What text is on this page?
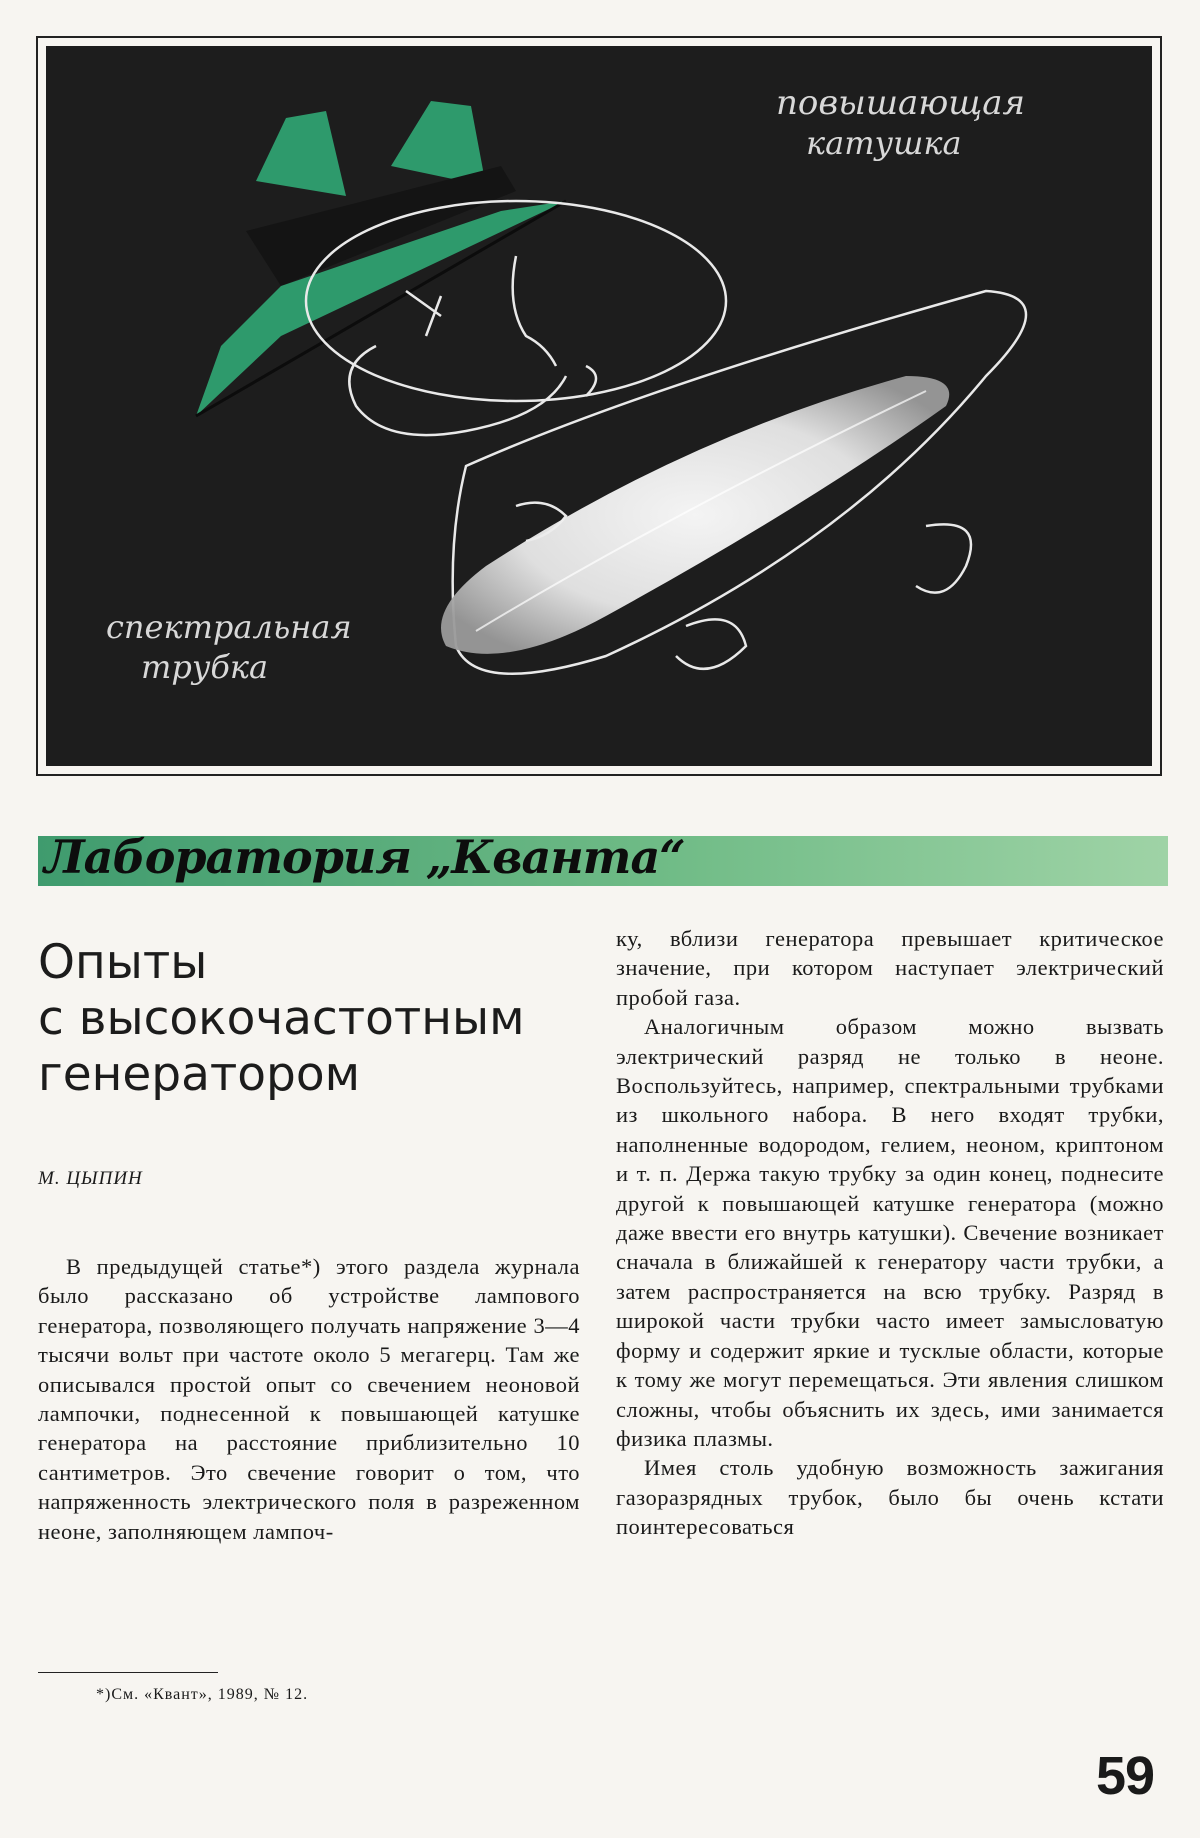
повышающая
катушка
спектральная
трубка
Лаборатория „Кванта“
Опыты
с высокочастотным
генератором
М. ЦЫПИН

В предыдущей статье*) этого раздела журнала было рассказано об устройстве лампового генератора, позволяющего получать напряжение 3—4 тысячи вольт при частоте около 5 мегагерц. Там же описывался простой опыт со свечением неоновой лампочки, поднесенной к повышающей катушке генератора на расстояние приблизительно 10 сантиметров. Это свечение говорит о том, что напряженность электрического поля в разреженном неоне, заполняющем лампоч-

ку, вблизи генератора превышает критическое значение, при котором наступает электрический пробой газа.

Аналогичным образом можно вызвать электрический разряд не только в неоне. Воспользуйтесь, например, спектральными трубками из школьного набора. В него входят трубки, наполненные водородом, гелием, неоном, криптоном и т. п. Держа такую трубку за один конец, поднесите другой к повышающей катушке генератора (можно даже ввести его внутрь катушки). Свечение возникает сначала в ближайшей к генератору части трубки, а затем распространяется на всю трубку. Разряд в широкой части трубки часто имеет замысловатую форму и содержит яркие и тусклые области, которые к тому же могут перемещаться. Эти явления слишком сложны, чтобы объяснить их здесь, ими занимается физика плазмы.

Имея столь удобную возможность зажигания газоразрядных трубок, было бы очень кстати поинтересоваться

*)См. «Квант», 1989, № 12.
59
